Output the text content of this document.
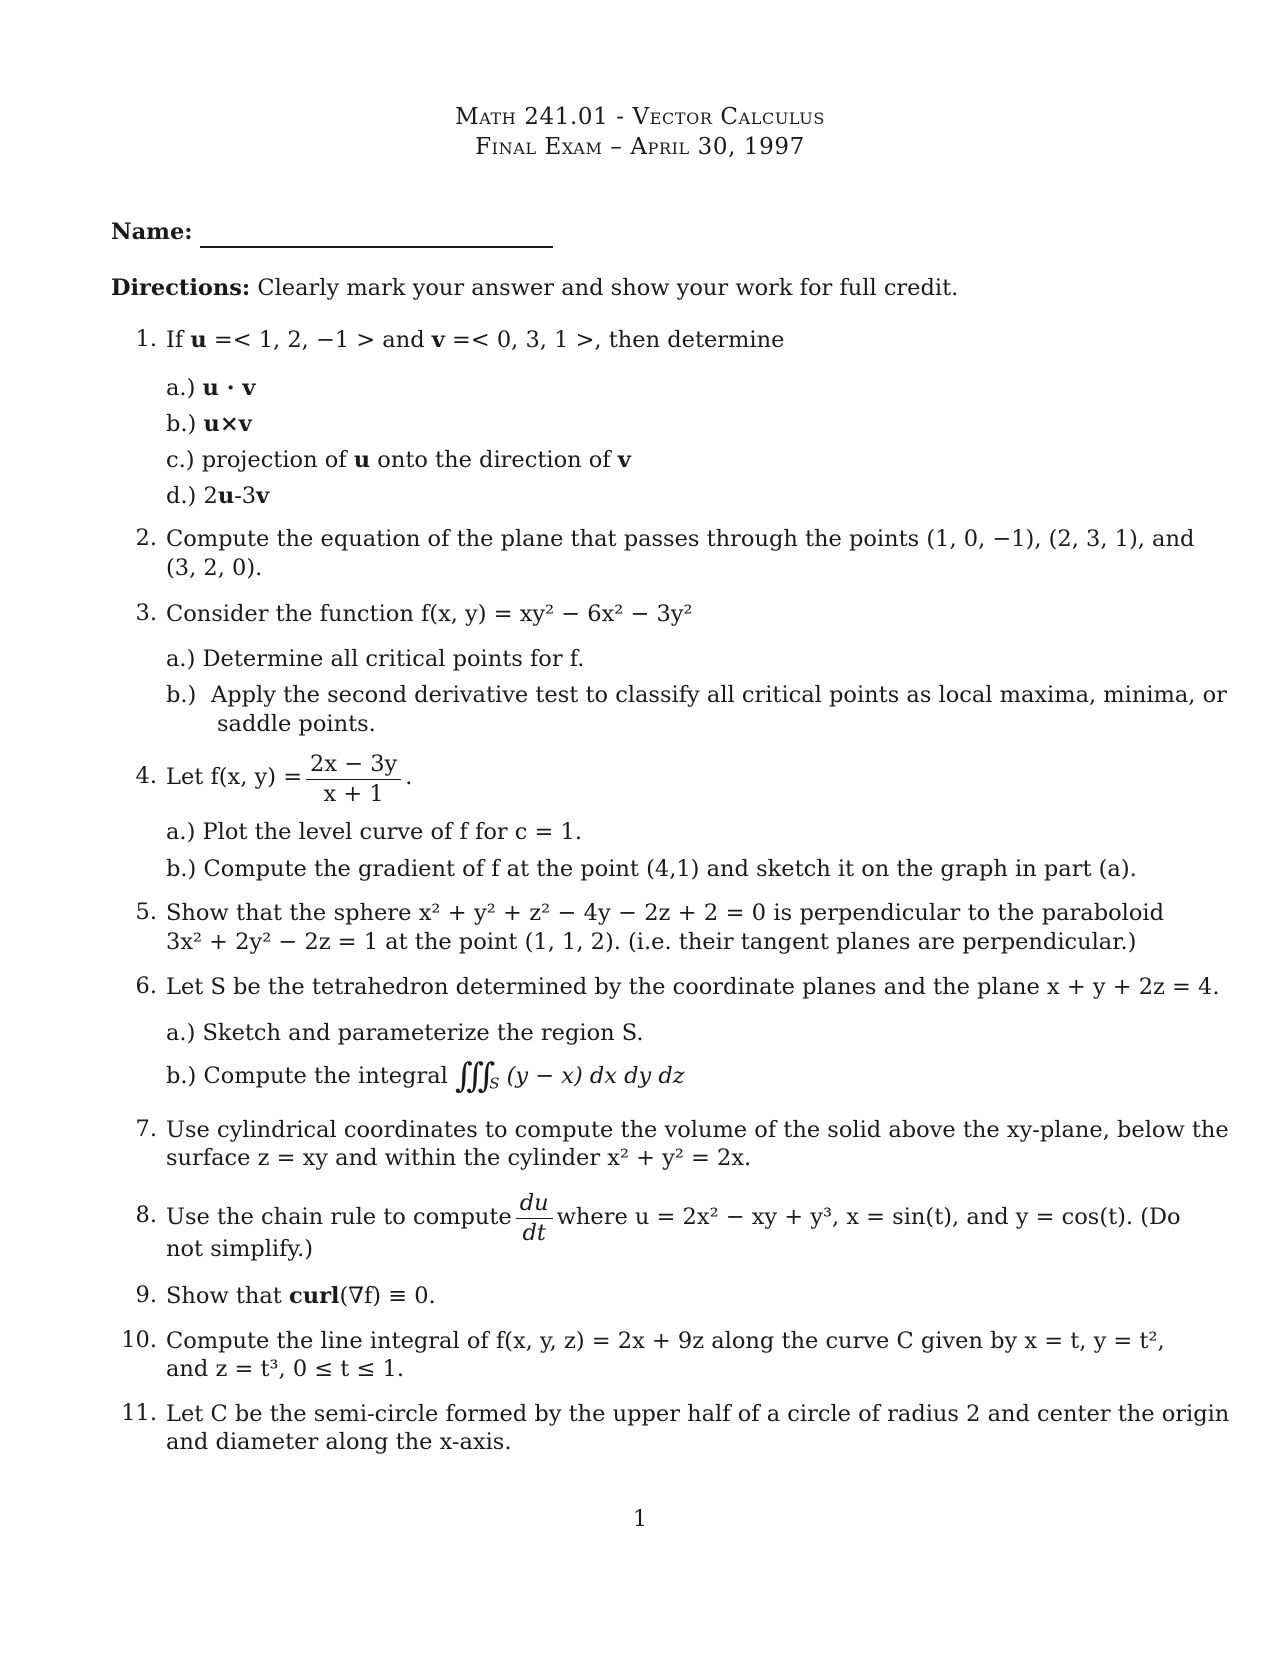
Math 241.01 - Vector Calculus
Final Exam – April 30, 1997
Name:
Directions: Clearly mark your answer and show your work for full credit.
1. If u =< 1, 2, −1 > and v =< 0, 3, 1 >, then determine
a.) u · v
b.) u×v
c.) projection of u onto the direction of v
d.) 2u-3v
2. Compute the equation of the plane that passes through the points (1, 0, −1), (2, 3, 1), and
(3, 2, 0).
3. Consider the function f(x, y) = xy² − 6x² − 3y²
a.) Determine all critical points for f.
b.) Apply the second derivative test to classify all critical points as local maxima, minima, or
saddle points.
4. Let f(x, $y) = \frac{2x - 3y}{x + 1}$ .
a.) Plot the level curve of f for c = 1.
b.) Compute the gradient of f at the point (4,1) and sketch it on the graph in part (a).
5. Show that the sphere x² + y² + z² − 4y − 2z + 2 = 0 is perpendicular to the paraboloid
3x² + 2y² − 2z = 1 at the point (1, 1, 2). (i.e. their tangent planes are perpendicular.)
6. Let S be the tetrahedron determined by the coordinate planes and the plane x + y + 2z = 4.
a.) Sketch and parameterize the region S.
b.) Compute the integral $∭_S$ (y − x) dx dy dz
7. Use cylindrical coordinates to compute the volume of the solid above the xy-plane, below the
surface z = xy and within the cylinder x² + y² = 2x.
8. Use the chain rule to compute $\frac{du}{dt}$ where u = 2x² − xy + y³, x = sin(t), and y = cos(t). (Do
not simplify.)
9. Show that curl(∇f) ≡ 0.
10. Compute the line integral of f(x, y, z) = 2x + 9z along the curve C given by x = t, y = t²,
and z = t³, 0 ≤ t ≤ 1.
11. Let C be the semi-circle formed by the upper half of a circle of radius 2 and center the origin
and diameter along the x-axis.
1
